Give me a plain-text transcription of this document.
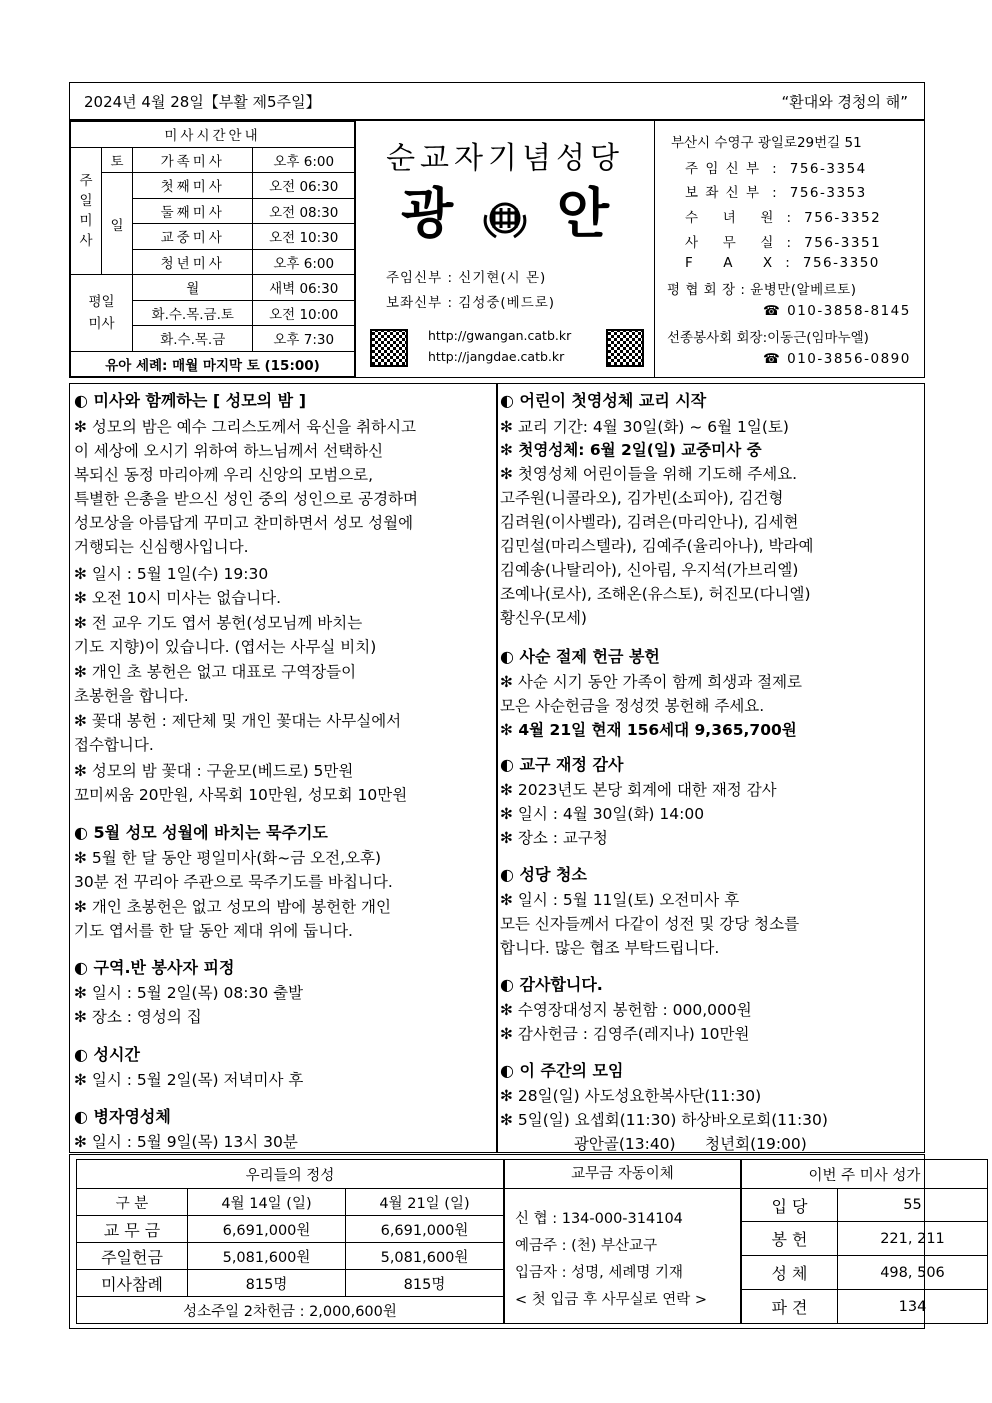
2024년 4월 28일【부활 제5주일】	“환대와 경청의 해”
미사시간안내			
주
일
미
사	토	가족미사	오후 6:00
	일	첫째미사	오전 06:30
		둘째미사	오전 08:30
		교중미사	오전 10:30
		청년미사	오후 6:00
평일
미사		월	새벽 06:30
		화.수.목.금.토	오전 10:00
		화.수.목.금	오후 7:30
유아 세례: 매월 마지막 토 (15:00)			
순교자기념성당
광 안
주임신부 : 신기현(시 몬)
보좌신부 : 김성중(베드로)
http://gwangan.catb.kr
http://jangdae.catb.kr
부산시 수영구 광일로29번길 51
주 임 신 부  :  756-3354
보 좌 신 부  :  756-3353
수    녀    원  :  756-3352
사    무    실  :  756-3351
F     A     X  :  756-3350
평 협 회 장 : 윤병만(알베르토)
☎ 010-3858-8145
선종봉사회 회장:이동근(임마누엘)
☎ 010-3856-0890
◐ 미사와 함께하는 [ 성모의 밤 ]
✻ 성모의 밤은 예수 그리스도께서 육신을 취하시고
이 세상에 오시기 위하여 하느님께서 선택하신
복되신 동정 마리아께 우리 신앙의 모범으로,
특별한 은총을 받으신 성인 중의 성인으로 공경하며
성모상을 아름답게 꾸미고 찬미하면서 성모 성월에
거행되는 신심행사입니다.
✻ 일시 : 5월 1일(수) 19:30
✻ 오전 10시 미사는 없습니다.
✻ 전 교우 기도 엽서 봉헌(성모님께 바치는
기도 지향)이 있습니다. (엽서는 사무실 비치)
✻ 개인 초 봉헌은 없고 대표로 구역장들이
초봉헌을 합니다.
✻ 꽃대 봉헌 : 제단체 및 개인 꽃대는 사무실에서
접수합니다.
✻ 성모의 밤 꽃대 : 구윤모(베드로) 5만원
꼬미씨움 20만원, 사목회 10만원, 성모회 10만원
◐ 5월 성모 성월에 바치는 묵주기도
✻ 5월 한 달 동안 평일미사(화~금 오전,오후)
30분 전 꾸리아 주관으로 묵주기도를 바칩니다.
✻ 개인 초봉헌은 없고 성모의 밤에 봉헌한 개인
기도 엽서를 한 달 동안 제대 위에 둡니다.
◐ 구역.반 봉사자 피정
✻ 일시 : 5월 2일(목) 08:30 출발
✻ 장소 : 영성의 집
◐ 성시간
✻ 일시 : 5월 2일(목) 저녁미사 후
◐ 병자영성체
✻ 일시 : 5월 9일(목) 13시 30분
◐ 어린이 첫영성체 교리 시작
✻ 교리 기간: 4월 30일(화) ~ 6월 1일(토)
✻ 첫영성체: 6월 2일(일) 교중미사 중
✻ 첫영성체 어린이들을 위해 기도해 주세요.
고주원(니콜라오), 김가빈(소피아), 김건형
김려원(이사벨라), 김려은(마리안나), 김세현
김민설(마리스텔라), 김예주(율리아나), 박라예
김예송(나탈리아), 신아림, 우지석(가브리엘)
조예나(로사), 조해온(유스토), 허진모(다니엘)
황신우(모세)
◐ 사순 절제 헌금 봉헌
✻ 사순 시기 동안 가족이 함께 희생과 절제로
모은 사순헌금을 정성껏 봉헌해 주세요.
✻ 4월 21일 현재 156세대 9,365,700원
◐ 교구 재정 감사
✻ 2023년도 본당 회계에 대한 재정 감사
✻ 일시 : 4월 30일(화) 14:00
✻ 장소 : 교구청
◐ 성당 청소
✻ 일시 : 5월 11일(토) 오전미사 후
모든 신자들께서 다같이 성전 및 강당 청소를
합니다. 많은 협조 부탁드립니다.
◐ 감사합니다.
✻ 수영장대성지 봉헌함 : 000,000원
✻ 감사헌금 : 김영주(레지나) 10만원
◐ 이 주간의 모임
✻ 28일(일) 사도성요한복사단(11:30)
✻ 5일(일) 요셉회(11:30) 하상바오로회(11:30)
광안골(13:40)      청년회(19:00)
우리들의 정성		
구 분	4월 14일 (일)	4월 21일 (일)
교 무 금	6,691,000원	6,691,000원
주일헌금	5,081,600원	5,081,600원
미사참례	815명	815명
성소주일 2차헌금 : 2,000,600원		
교무금 자동이체
신 협 : 134-000-314104
예금주 : (천) 부산교구
입금자 : 성명, 세례명 기재
< 첫 입금 후 사무실로 연락 >
이번 주 미사 성가	
입 당	55
봉 헌	221, 211
성 체	498, 506
파 견	134
